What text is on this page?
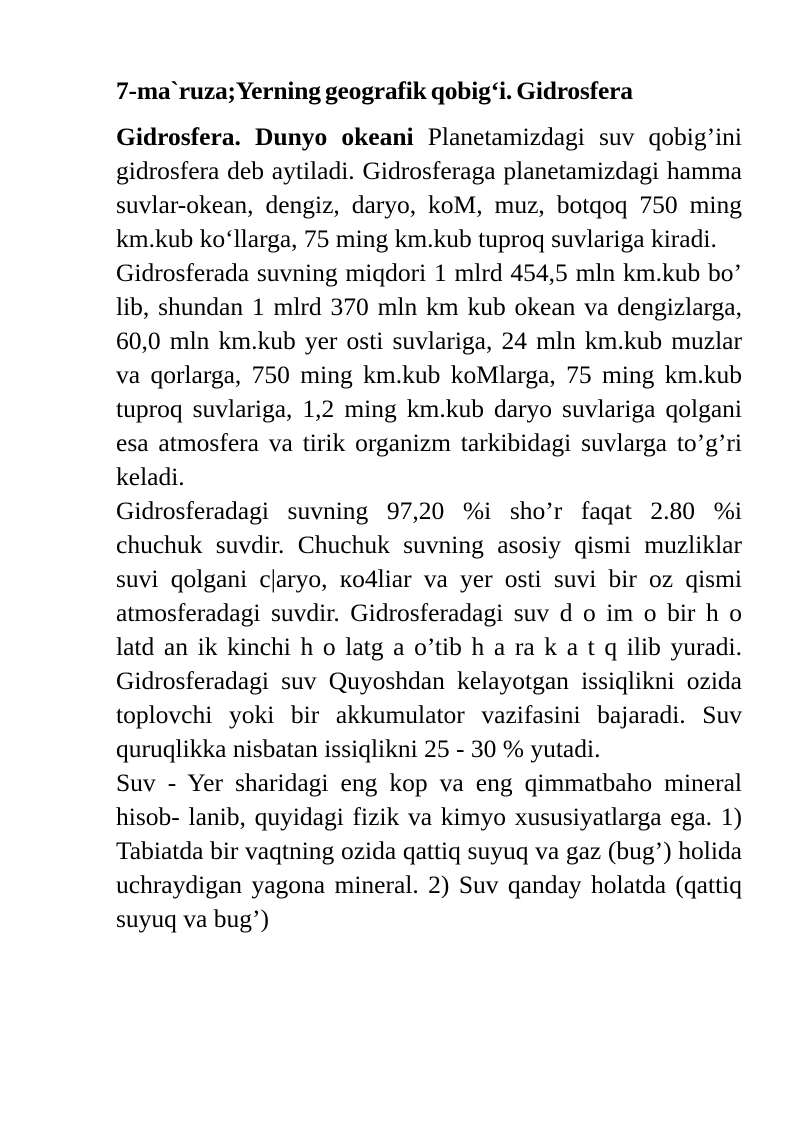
7-ma`ruza;Yerning geografik qobig‘i. Gidrosfera

Gidrosfera. Dunyo okeani Planetamizdagi suv qobig’ini gidrosfera deb aytiladi. Gidrosferaga planetamizdagi hamma suvlar-okean, dengiz, daryo, koM, muz, botqoq 750 ming km.kub ko‘llarga, 75 ming km.kub tuproq suvlariga kiradi.

Gidrosferada suvning miqdori 1 mlrd 454,5 mln km.kub bo’ lib, shundan 1 mlrd 370 mln km kub okean va dengizlarga, 60,0 mln km.kub yer osti suvlariga, 24 mln km.kub muzlar va qorlarga, 750 ming km.kub koMlarga, 75 ming km.kub tuproq suvlariga, 1,2 ming km.kub daryo suvlariga qolgani esa atmosfera va tirik organizm tarkibidagi suvlarga to’g’ri keladi.

Gidrosferadagi suvning 97,20 %i sho’r faqat 2.80 %i chuchuk suvdir. Chuchuk suvning asosiy qismi muzliklar suvi qolgani c|aryo, кo4liar va yer osti suvi bir oz qismi atmosferadagi suvdir. Gidrosferadagi suv d o im o bir h o latd an ik kinchi h o latg a o’tib h a ra k a t q ilib yuradi. Gidrosferadagi suv Quyoshdan kelayotgan issiqlikni ozida toplovchi yoki bir akkumulator vazifasini bajaradi. Suv quruqlikka nisbatan issiqlikni 25 - 30 % yutadi.

Suv - Yer sharidagi eng kop va eng qimmatbaho mineral hisob- lanib, quyidagi fizik va kimyo xususiyatlarga ega. 1) Tabiatda bir vaqtning ozida qattiq suyuq va gaz (bug’) holida uchraydigan yagona mineral. 2) Suv qanday holatda (qattiq suyuq va bug’)
